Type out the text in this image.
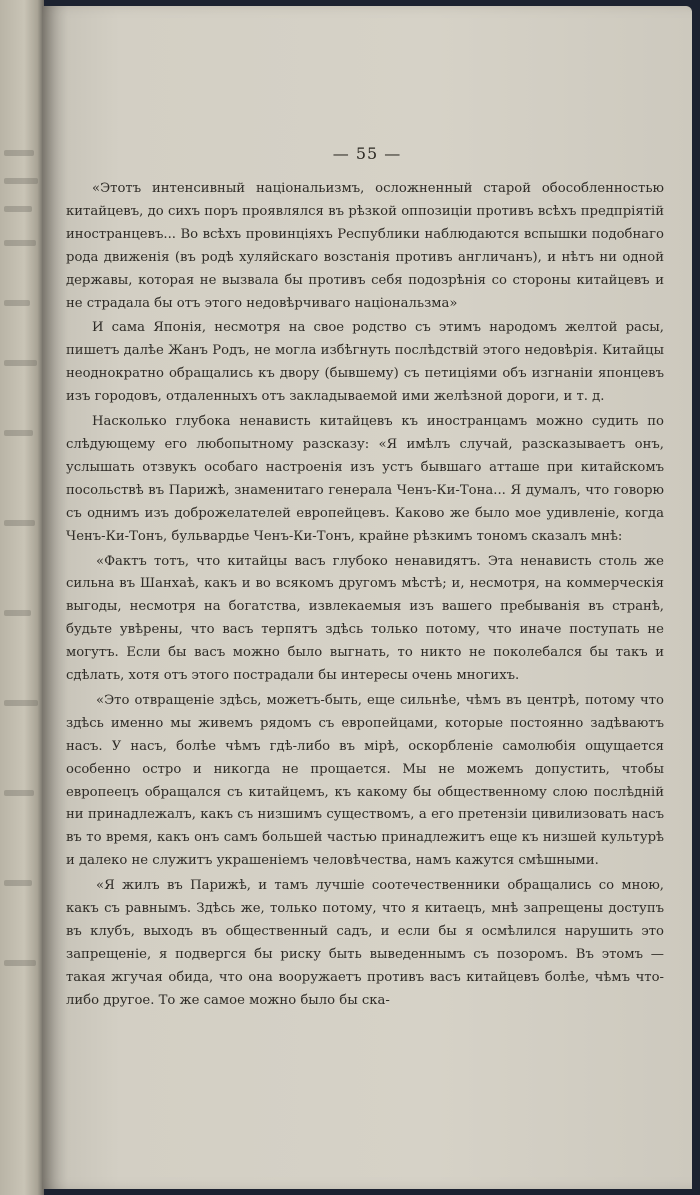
— 55 —

«Этотъ интенсивный національизмъ, осложненный старой обособленностью китайцевъ, до сихъ поръ проявлялся въ рѣзкой оппозиціи противъ всѣхъ предпріятій иностранцевъ... Во всѣхъ провинціяхъ Республики наблюдаются вспышки подобнаго рода движенія (въ родѣ хуляйскаго возстанія противъ англичанъ), и нѣтъ ни одной державы, которая не вызвала бы противъ себя подозрѣнія со стороны китайцевъ и не страдала бы отъ этого недовѣрчиваго національзма»

И сама Японія, несмотря на свое родство съ этимъ народомъ желтой расы, пишетъ далѣе Жанъ Родъ, не могла избѣгнуть послѣдствій этого недовѣрія. Китайцы неоднократно обращались къ двору (бывшему) съ петиціями объ изгнаніи японцевъ изъ городовъ, отдаленныхъ отъ закладываемой ими желѣзной дороги, и т. д.

Насколько глубока ненависть китайцевъ къ иностранцамъ можно судить по слѣдующему его любопытному разсказу: «Я имѣлъ случай, разсказываетъ онъ, услышать отзвукъ особаго настроенія изъ устъ бывшаго атташе при китайскомъ посольствѣ въ Парижѣ, знаменитаго генерала Ченъ-Ки-Тона... Я думалъ, что говорю съ однимъ изъ доброжелателей европейцевъ. Каково же было мое удивленіе, когда Ченъ-Ки-Тонъ, бульвардье Ченъ-Ки-Тонъ, крайне рѣзкимъ тономъ сказалъ мнѣ:

«Фактъ тотъ, что китайцы васъ глубоко ненавидятъ. Эта ненависть столь же сильна въ Шанхаѣ, какъ и во всякомъ другомъ мѣстѣ; и, несмотря, на коммерческія выгоды, несмотря на богатства, извлекаемыя изъ вашего пребыванія въ странѣ, будьте увѣрены, что васъ терпятъ здѣсь только потому, что иначе поступать не могутъ. Если бы васъ можно было выгнать, то никто не поколебался бы такъ и сдѣлать, хотя отъ этого пострадали бы интересы очень многихъ.

«Это отвращеніе здѣсь, можетъ-быть, еще сильнѣе, чѣмъ въ центрѣ, потому что здѣсь именно мы живемъ рядомъ съ европейцами, которые постоянно задѣваютъ насъ. У насъ, болѣе чѣмъ гдѣ-либо въ мірѣ, оскорбленіе самолюбія ощущается особенно остро и никогда не прощается. Мы не можемъ допустить, чтобы европеецъ обращался съ китайцемъ, къ какому бы общественному слою послѣдній ни принадлежалъ, какъ съ низшимъ существомъ, а его претензіи цивилизовать насъ въ то время, какъ онъ самъ большей частью принадлежитъ еще къ низшей культурѣ и далеко не служитъ украшеніемъ человѣчества, намъ кажутся смѣшными.

«Я жилъ въ Парижѣ, и тамъ лучшіе соотечественники обращались со мною, какъ съ равнымъ. Здѣсь же, только потому, что я китаецъ, мнѣ запрещены доступъ въ клубъ, выходъ въ общественный садъ, и если бы я осмѣлился нарушить это запрещеніе, я подвергся бы риску быть выведеннымъ съ позоромъ. Въ этомъ — такая жгучая обида, что она вооружаетъ противъ васъ китайцевъ болѣе, чѣмъ что-либо другое. То же самое можно было бы ска-
